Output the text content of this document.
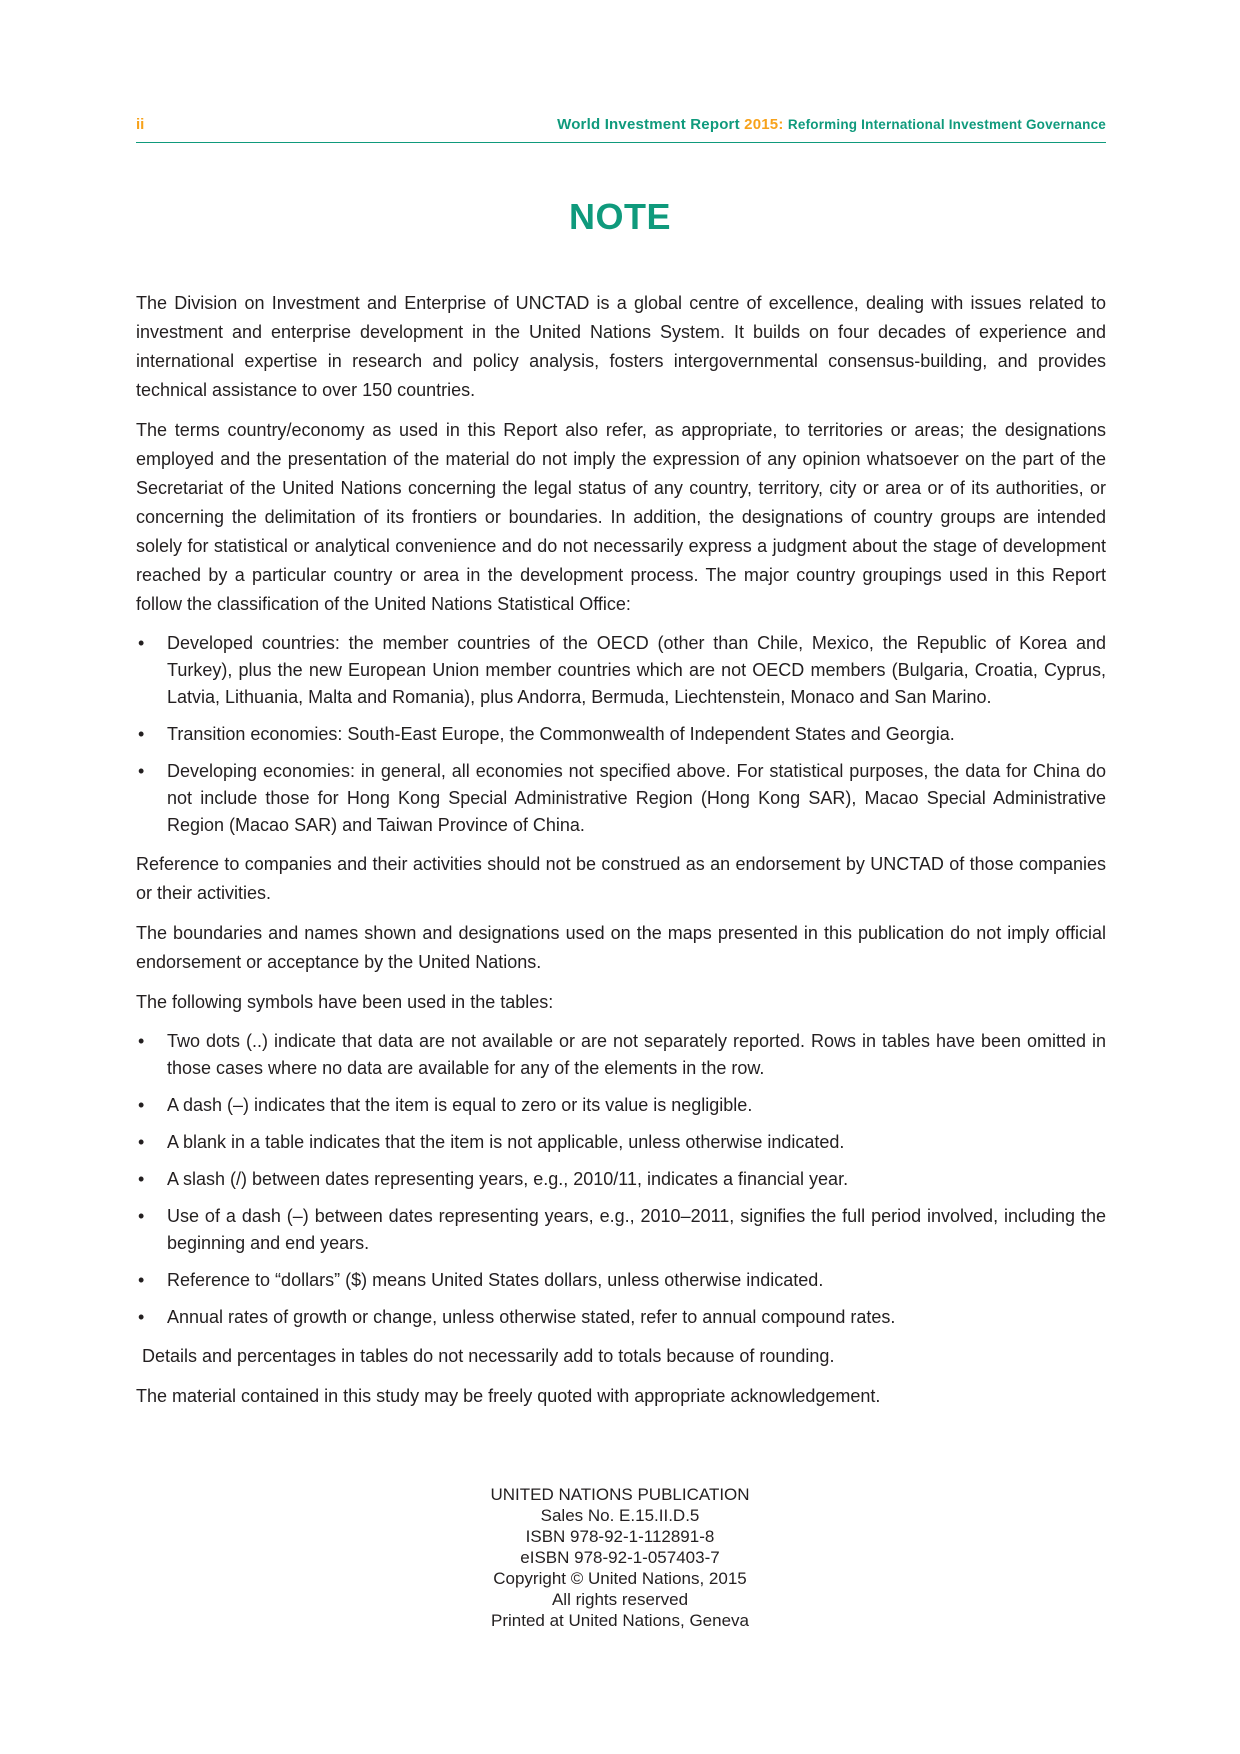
ii	World Investment Report 2015: Reforming International Investment Governance
NOTE

The Division on Investment and Enterprise of UNCTAD is a global centre of excellence, dealing with issues related to investment and enterprise development in the United Nations System. It builds on four decades of experience and international expertise in research and policy analysis, fosters intergovernmental consensus-building, and provides technical assistance to over 150 countries.

The terms country/economy as used in this Report also refer, as appropriate, to territories or areas; the designations employed and the presentation of the material do not imply the expression of any opinion whatsoever on the part of the Secretariat of the United Nations concerning the legal status of any country, territory, city or area or of its authorities, or concerning the delimitation of its frontiers or boundaries. In addition, the designations of country groups are intended solely for statistical or analytical convenience and do not necessarily express a judgment about the stage of development reached by a particular country or area in the development process. The major country groupings used in this Report follow the classification of the United Nations Statistical Office:

• Developed countries: the member countries of the OECD (other than Chile, Mexico, the Republic of Korea and Turkey), plus the new European Union member countries which are not OECD members (Bulgaria, Croatia, Cyprus, Latvia, Lithuania, Malta and Romania), plus Andorra, Bermuda, Liechtenstein, Monaco and San Marino.
• Transition economies: South-East Europe, the Commonwealth of Independent States and Georgia.
• Developing economies: in general, all economies not specified above. For statistical purposes, the data for China do not include those for Hong Kong Special Administrative Region (Hong Kong SAR), Macao Special Administrative Region (Macao SAR) and Taiwan Province of China.

Reference to companies and their activities should not be construed as an endorsement by UNCTAD of those companies or their activities.

The boundaries and names shown and designations used on the maps presented in this publication do not imply official endorsement or acceptance by the United Nations.

The following symbols have been used in the tables:

• Two dots (..) indicate that data are not available or are not separately reported. Rows in tables have been omitted in those cases where no data are available for any of the elements in the row.
• A dash (–) indicates that the item is equal to zero or its value is negligible.
• A blank in a table indicates that the item is not applicable, unless otherwise indicated.
• A slash (/) between dates representing years, e.g., 2010/11, indicates a financial year.
• Use of a dash (–) between dates representing years, e.g., 2010–2011, signifies the full period involved, including the beginning and end years.
• Reference to “dollars” ($) means United States dollars, unless otherwise indicated.
• Annual rates of growth or change, unless otherwise stated, refer to annual compound rates.

Details and percentages in tables do not necessarily add to totals because of rounding.

The material contained in this study may be freely quoted with appropriate acknowledgement.

UNITED NATIONS PUBLICATION
Sales No. E.15.II.D.5
ISBN 978-92-1-112891-8
eISBN 978-92-1-057403-7
Copyright © United Nations, 2015
All rights reserved
Printed at United Nations, Geneva
